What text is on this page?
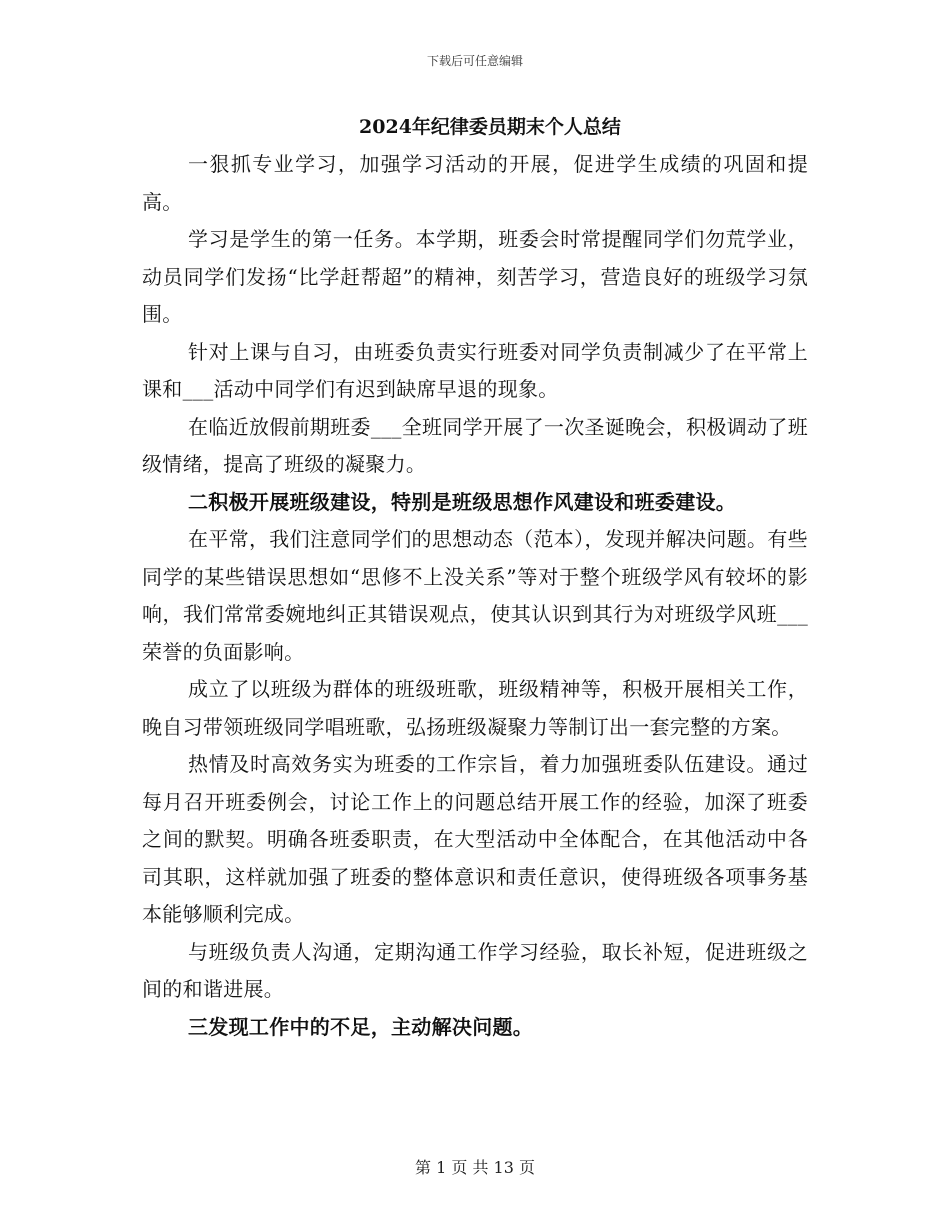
下载后可任意编辑

2024年纪律委员期末个人总结

一狠抓专业学习，加强学习活动的开展，促进学生成绩的巩固和提高。

学习是学生的第一任务。本学期，班委会时常提醒同学们勿荒学业，动员同学们发扬“比学赶帮超”的精神，刻苦学习，营造良好的班级学习氛围。

针对上课与自习，由班委负责实行班委对同学负责制减少了在平常上课和___活动中同学们有迟到缺席早退的现象。

在临近放假前期班委___全班同学开展了一次圣诞晚会，积极调动了班级情绪，提高了班级的凝聚力。

二积极开展班级建设，特别是班级思想作风建设和班委建设。

在平常，我们注意同学们的思想动态（范本），发现并解决问题。有些同学的某些错误思想如“思修不上没关系”等对于整个班级学风有较坏的影响，我们常常委婉地纠正其错误观点，使其认识到其行为对班级学风班___荣誉的负面影响。

成立了以班级为群体的班级班歌，班级精神等，积极开展相关工作，晚自习带领班级同学唱班歌，弘扬班级凝聚力等制订出一套完整的方案。

热情及时高效务实为班委的工作宗旨，着力加强班委队伍建设。通过每月召开班委例会，讨论工作上的问题总结开展工作的经验，加深了班委之间的默契。明确各班委职责，在大型活动中全体配合，在其他活动中各司其职，这样就加强了班委的整体意识和责任意识，使得班级各项事务基本能够顺利完成。

与班级负责人沟通，定期沟通工作学习经验，取长补短，促进班级之间的和谐进展。

三发现工作中的不足，主动解决问题。

第 1 页 共 13 页
